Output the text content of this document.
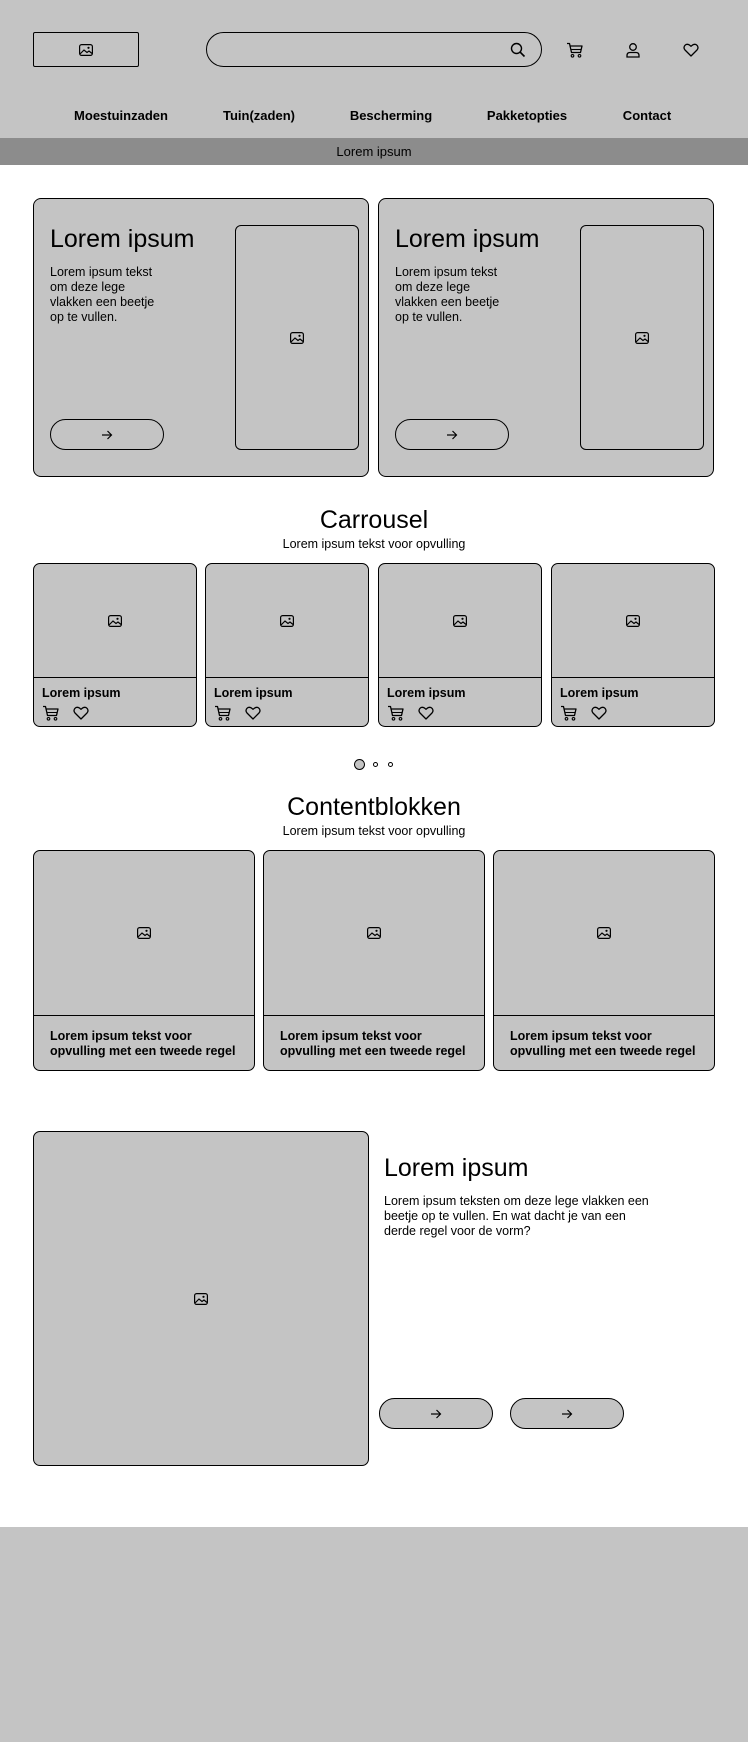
Moestuinzaden	Tuin(zaden)	Bescherming	Pakketopties	Contact
Lorem ipsum
Lorem ipsum
Lorem ipsum tekst om deze lege vlakken een beetje op te vullen.
Lorem ipsum
Lorem ipsum tekst om deze lege vlakken een beetje op te vullen.
Carrousel
Lorem ipsum tekst voor opvulling
Lorem ipsum	Lorem ipsum	Lorem ipsum	Lorem ipsum
Contentblokken
Lorem ipsum tekst voor opvulling
Lorem ipsum tekst voor opvulling met een tweede regel
Lorem ipsum tekst voor opvulling met een tweede regel
Lorem ipsum tekst voor opvulling met een tweede regel
Lorem ipsum
Lorem ipsum teksten om deze lege vlakken een beetje op te vullen. En wat dacht je van een derde regel voor de vorm?
